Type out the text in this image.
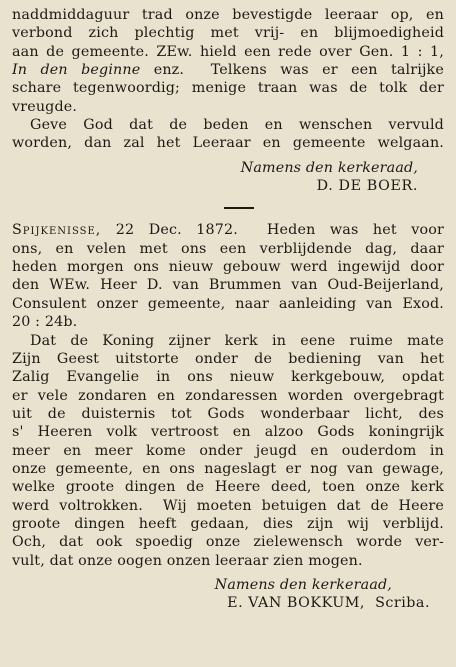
naddmiddaguur trad onze bevestigde leeraar op, en
verbond zich plechtig met vrij- en blijmoedigheid
aan de gemeente. ZEw. hield een rede over Gen. 1 : 1,
In den beginne enz.  Telkens was er een talrijke
schare tegenwoordig; menige traan was de tolk der
vreugde.
Geve God dat de beden en wenschen vervuld
worden, dan zal het Leeraar en gemeente welgaan.
Namens den kerkeraad,
D. DE BOER.
Spijkenisse, 22 Dec. 1872.  Heden was het voor
ons, en velen met ons een verblijdende dag, daar
heden morgen ons nieuw gebouw werd ingewijd door
den WEw. Heer D. van Brummen van Oud-Beijerland,
Consulent onzer gemeente, naar aanleiding van Exod.
20 : 24b.
Dat de Koning zijner kerk in eene ruime mate
Zijn Geest uitstorte onder de bediening van het
Zalig Evangelie in ons nieuw kerkgebouw, opdat
er vele zondaren en zondaressen worden overgebragt
uit de duisternis tot Gods wonderbaar licht, des
s' Heeren volk vertroost en alzoo Gods koningrijk
meer en meer kome onder jeugd en ouderdom in
onze gemeente, en ons nageslagt er nog van gewage,
welke groote dingen de Heere deed, toen onze kerk
werd voltrokken.  Wij moeten betuigen dat de Heere
groote dingen heeft gedaan, dies zijn wij verblijd.
Och, dat ook spoedig onze zielewensch worde ver-
vult, dat onze oogen onzen leeraar zien mogen.
Namens den kerkeraad,
E. VAN BOKKUM,  Scriba.
